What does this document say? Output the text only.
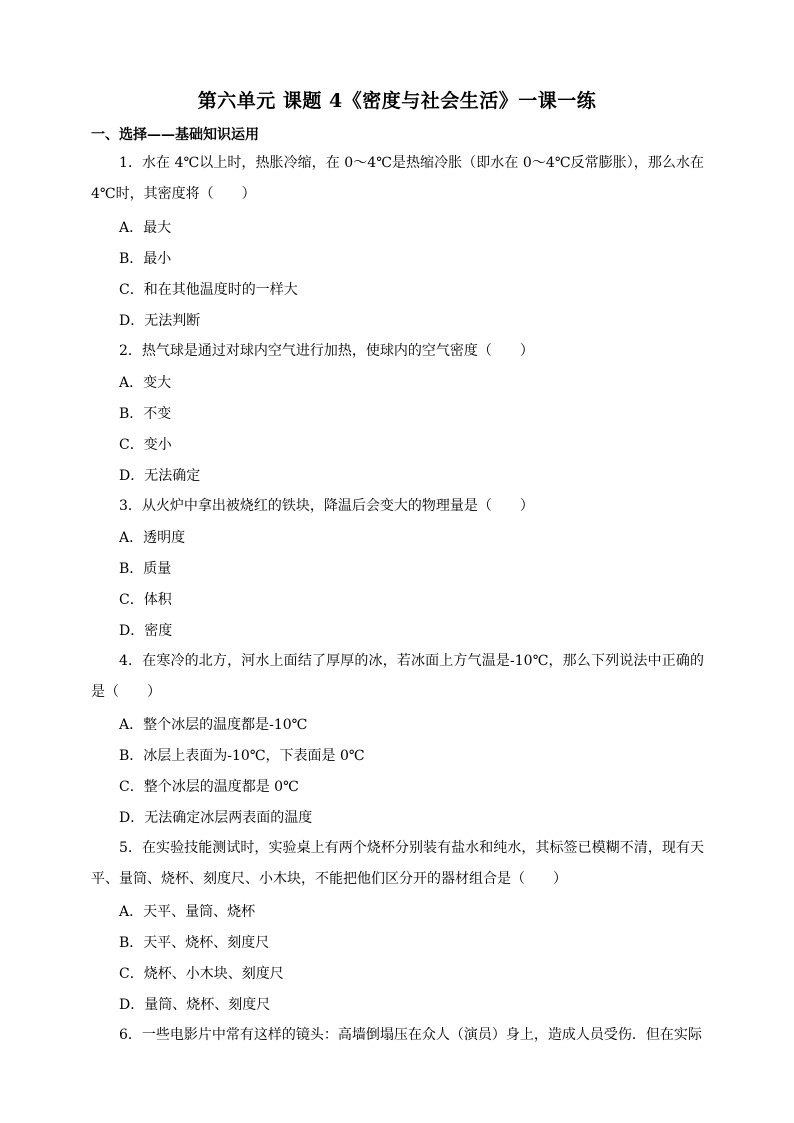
第六单元 课题 4《密度与社会生活》一课一练
一、选择——基础知识运用
1．水在 4℃以上时，热胀冷缩，在 0～4℃是热缩冷胀（即水在 0～4℃反常膨胀），那么水在 4℃时，其密度将（　　）
A．最大
B．最小
C．和在其他温度时的一样大
D．无法判断
2．热气球是通过对球内空气进行加热，使球内的空气密度（　　）
A．变大
B．不变
C．变小
D．无法确定
3．从火炉中拿出被烧红的铁块，降温后会变大的物理量是（　　）
A．透明度
B．质量
C．体积
D．密度
4．在寒冷的北方，河水上面结了厚厚的冰，若冰面上方气温是-10℃，那么下列说法中正确的是（　　）
A．整个冰层的温度都是-10℃
B．冰层上表面为-10℃，下表面是 0℃
C．整个冰层的温度都是 0℃
D．无法确定冰层两表面的温度
5．在实验技能测试时，实验桌上有两个烧杯分别装有盐水和纯水，其标签已模糊不清，现有天平、量筒、烧杯、刻度尺、小木块，不能把他们区分开的器材组合是（　　）
A．天平、量筒、烧杯
B．天平、烧杯、刻度尺
C．烧杯、小木块、刻度尺
D．量筒、烧杯、刻度尺
6．一些电影片中常有这样的镜头：高墙倒塌压在众人（演员）身上，造成人员受伤．但在实际
